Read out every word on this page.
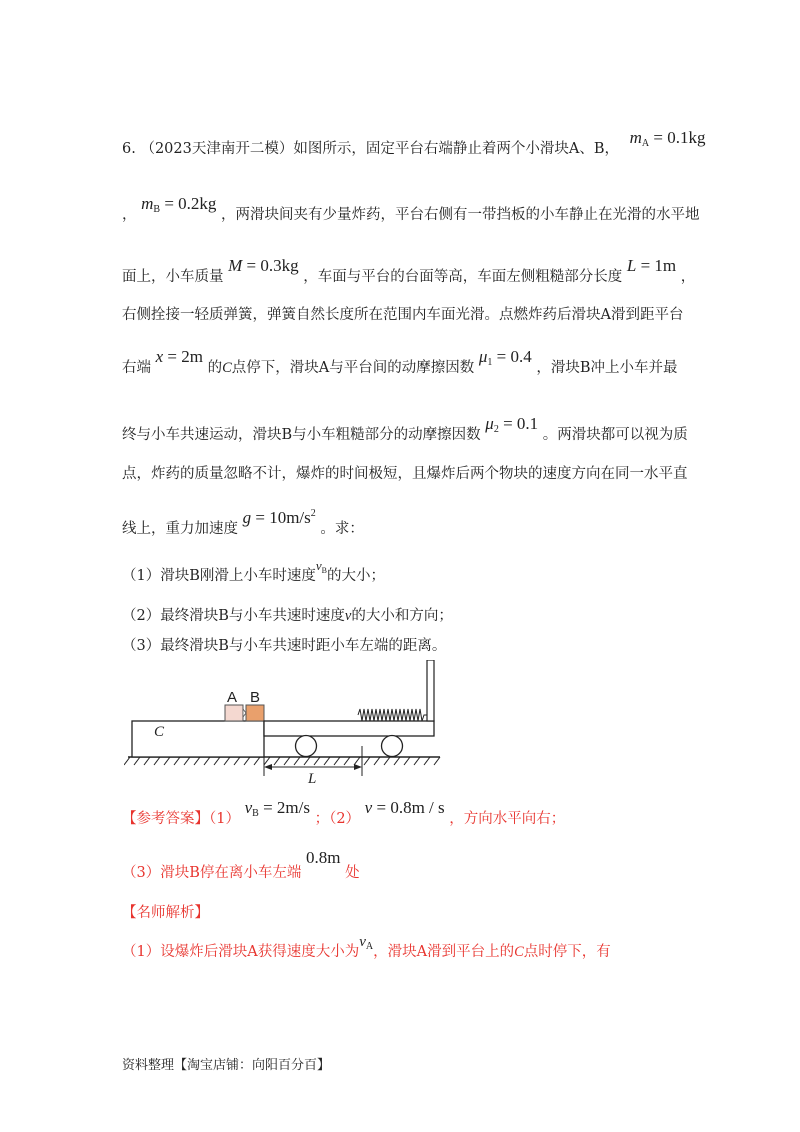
6. （2023天津南开二模）如图所示，固定平台右端静止着两个小滑块A、B， $m_A = 0.1kg$
， $m_B = 0.2kg$ ，两滑块间夹有少量炸药，平台右侧有一带挡板的小车静止在光滑的水平地
面上，小车质量 M = 0.3kg ，车面与平台的台面等高，车面左侧粗糙部分长度 L = 1m ，
右侧拴接一轻质弹簧，弹簧自然长度所在范围内车面光滑。点燃炸药后滑块A滑到距平台
右端 x = 2m 的C点停下，滑块A与平台间的动摩擦因数 $\mu_1 = 0.4$ ，滑块B冲上小车并最
终与小车共速运动，滑块B与小车粗糙部分的动摩擦因数 $\mu_2 = 0.1$ 。两滑块都可以视为质
点，炸药的质量忽略不计，爆炸的时间极短，且爆炸后两个物块的速度方向在同一水平直
线上，重力加速度 $g = 10m/s^2$ 。求：
（1）滑块B刚滑上小车时速度$v_B$的大小；
（2）最终滑块B与小车共速时速度v的大小和方向；
（3）最终滑块B与小车共速时距小车左端的距离。
C
A B
L
【参考答案】（1） $v_B = 2m/s$ ；（2） v = 0.8m / s ，方向水平向右；
（3）滑块B停在离小车左端 0.8m 处
【名师解析】
（1）设爆炸后滑块A获得速度大小为$v_A$，滑块A滑到平台上的C点时停下，有
资料整理【淘宝店铺：向阳百分百】
